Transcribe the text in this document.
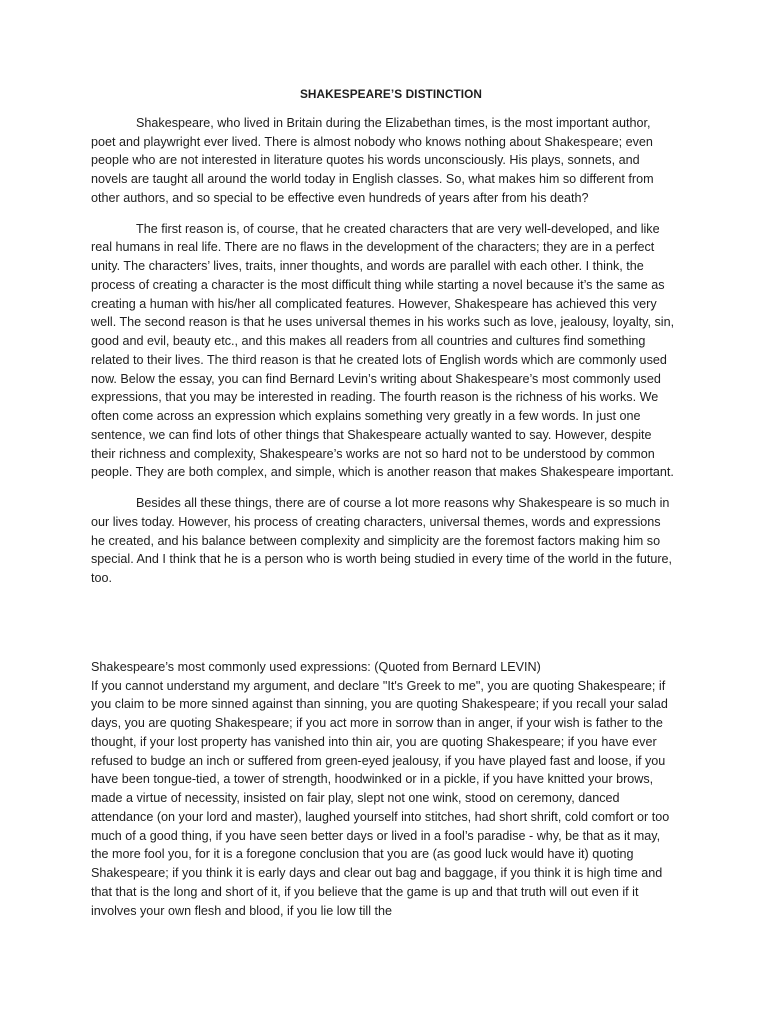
SHAKESPEARE’S DISTINCTION

Shakespeare, who lived in Britain during the Elizabethan times, is the most important author, poet and playwright ever lived. There is almost nobody who knows nothing about Shakespeare; even people who are not interested in literature quotes his words unconsciously. His plays, sonnets, and novels are taught all around the world today in English classes. So, what makes him so different from other authors, and so special to be effective even hundreds of years after from his death?

The first reason is, of course, that he created characters that are very well-developed, and like real humans in real life. There are no flaws in the development of the characters; they are in a perfect unity. The characters’ lives, traits, inner thoughts, and words are parallel with each other. I think, the process of creating a character is the most difficult thing while starting a novel because it’s the same as creating a human with his/her all complicated features. However, Shakespeare has achieved this very well. The second reason is that he uses universal themes in his works such as love, jealousy, loyalty, sin, good and evil, beauty etc., and this makes all readers from all countries and cultures find something related to their lives. The third reason is that he created lots of English words which are commonly used now. Below the essay, you can find Bernard Levin’s writing about Shakespeare’s most commonly used expressions, that you may be interested in reading. The fourth reason is the richness of his works. We often come across an expression which explains something very greatly in a few words. In just one sentence, we can find lots of other things that Shakespeare actually wanted to say. However, despite their richness and complexity, Shakespeare’s works are not so hard not to be understood by common people. They are both complex, and simple, which is another reason that makes Shakespeare important.

Besides all these things, there are of course a lot more reasons why Shakespeare is so much in our lives today. However, his process of creating characters, universal themes, words and expressions he created, and his balance between complexity and simplicity are the foremost factors making him so special. And I think that he is a person who is worth being studied in every time of the world in the future, too.

Shakespeare’s most commonly used expressions: (Quoted from Bernard LEVIN)

If you cannot understand my argument, and declare "It's Greek to me", you are quoting Shakespeare; if you claim to be more sinned against than sinning, you are quoting Shakespeare; if you recall your salad days, you are quoting Shakespeare; if you act more in sorrow than in anger, if your wish is father to the thought, if your lost property has vanished into thin air, you are quoting Shakespeare; if you have ever refused to budge an inch or suffered from green-eyed jealousy, if you have played fast and loose, if you have been tongue-tied, a tower of strength, hoodwinked or in a pickle, if you have knitted your brows, made a virtue of necessity, insisted on fair play, slept not one wink, stood on ceremony, danced attendance (on your lord and master), laughed yourself into stitches, had short shrift, cold comfort or too much of a good thing, if you have seen better days or lived in a fool’s paradise - why, be that as it may, the more fool you, for it is a foregone conclusion that you are (as good luck would have it) quoting Shakespeare; if you think it is early days and clear out bag and baggage, if you think it is high time and that that is the long and short of it, if you believe that the game is up and that truth will out even if it involves your own flesh and blood, if you lie low till the
